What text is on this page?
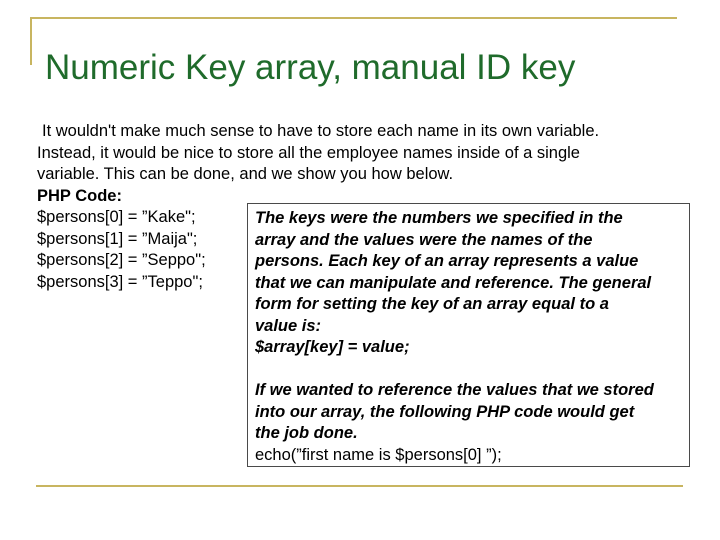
Numeric Key array, manual ID key
It wouldn't make much sense to have to store each name in its own variable.
Instead, it would be nice to store all the employee names inside of a single
variable. This can be done, and we show you how below.
PHP Code:
$persons[0] = ”Kake";
$persons[1] = ”Maija";
$persons[2] = ”Seppo";
$persons[3] = ”Teppo";
The keys were the numbers we specified in the
array and the values were the names of the
persons. Each key of an array represents a value
that we can manipulate and reference. The general
form for setting the key of an array equal to a
value is:
$array[key] = value;
If we wanted to reference the values that we stored
into our array, the following PHP code would get
the job done.
echo(”first name is $persons[0] ”);
